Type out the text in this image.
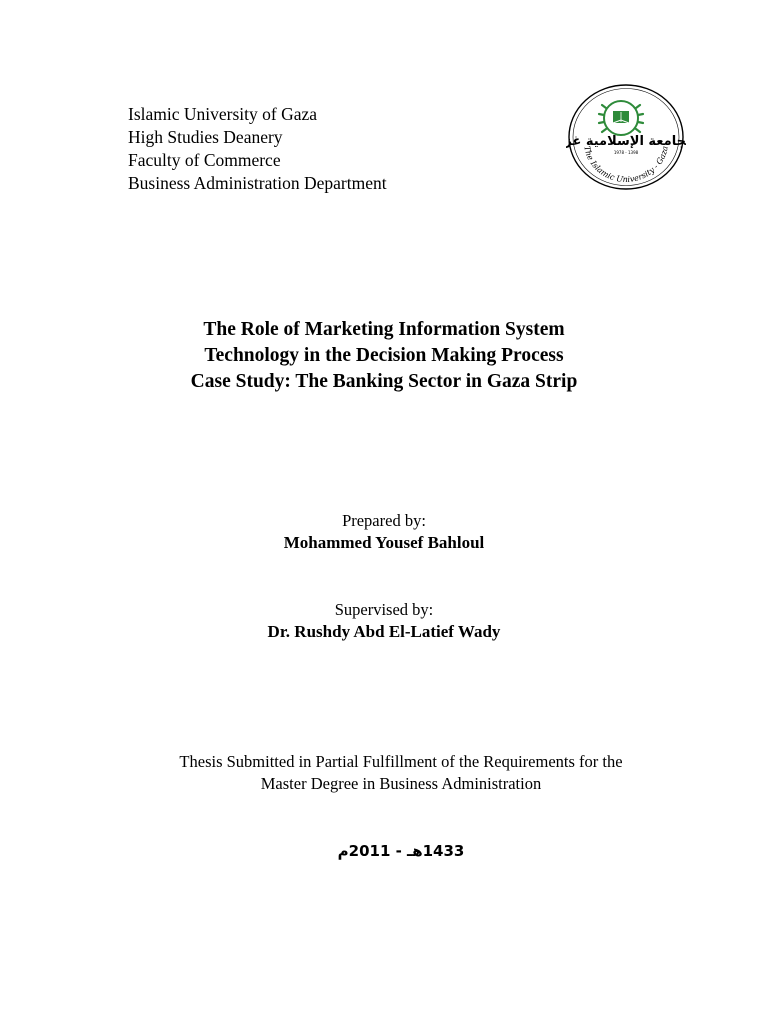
Islamic University of Gaza
High Studies Deanery
Faculty of Commerce
Business Administration Department
جامعة الإسلامية غز
1978 - 1398
The Islamic University - Gaza
The Role of Marketing Information System
Technology in the Decision Making Process
Case Study: The Banking Sector in Gaza Strip
Prepared by:
Mohammed Yousef Bahloul
Supervised by:
Dr. Rushdy Abd El-Latief Wady
Thesis Submitted in Partial Fulfillment of the Requirements for the
Master Degree in Business Administration
1433هـ - 2011م
